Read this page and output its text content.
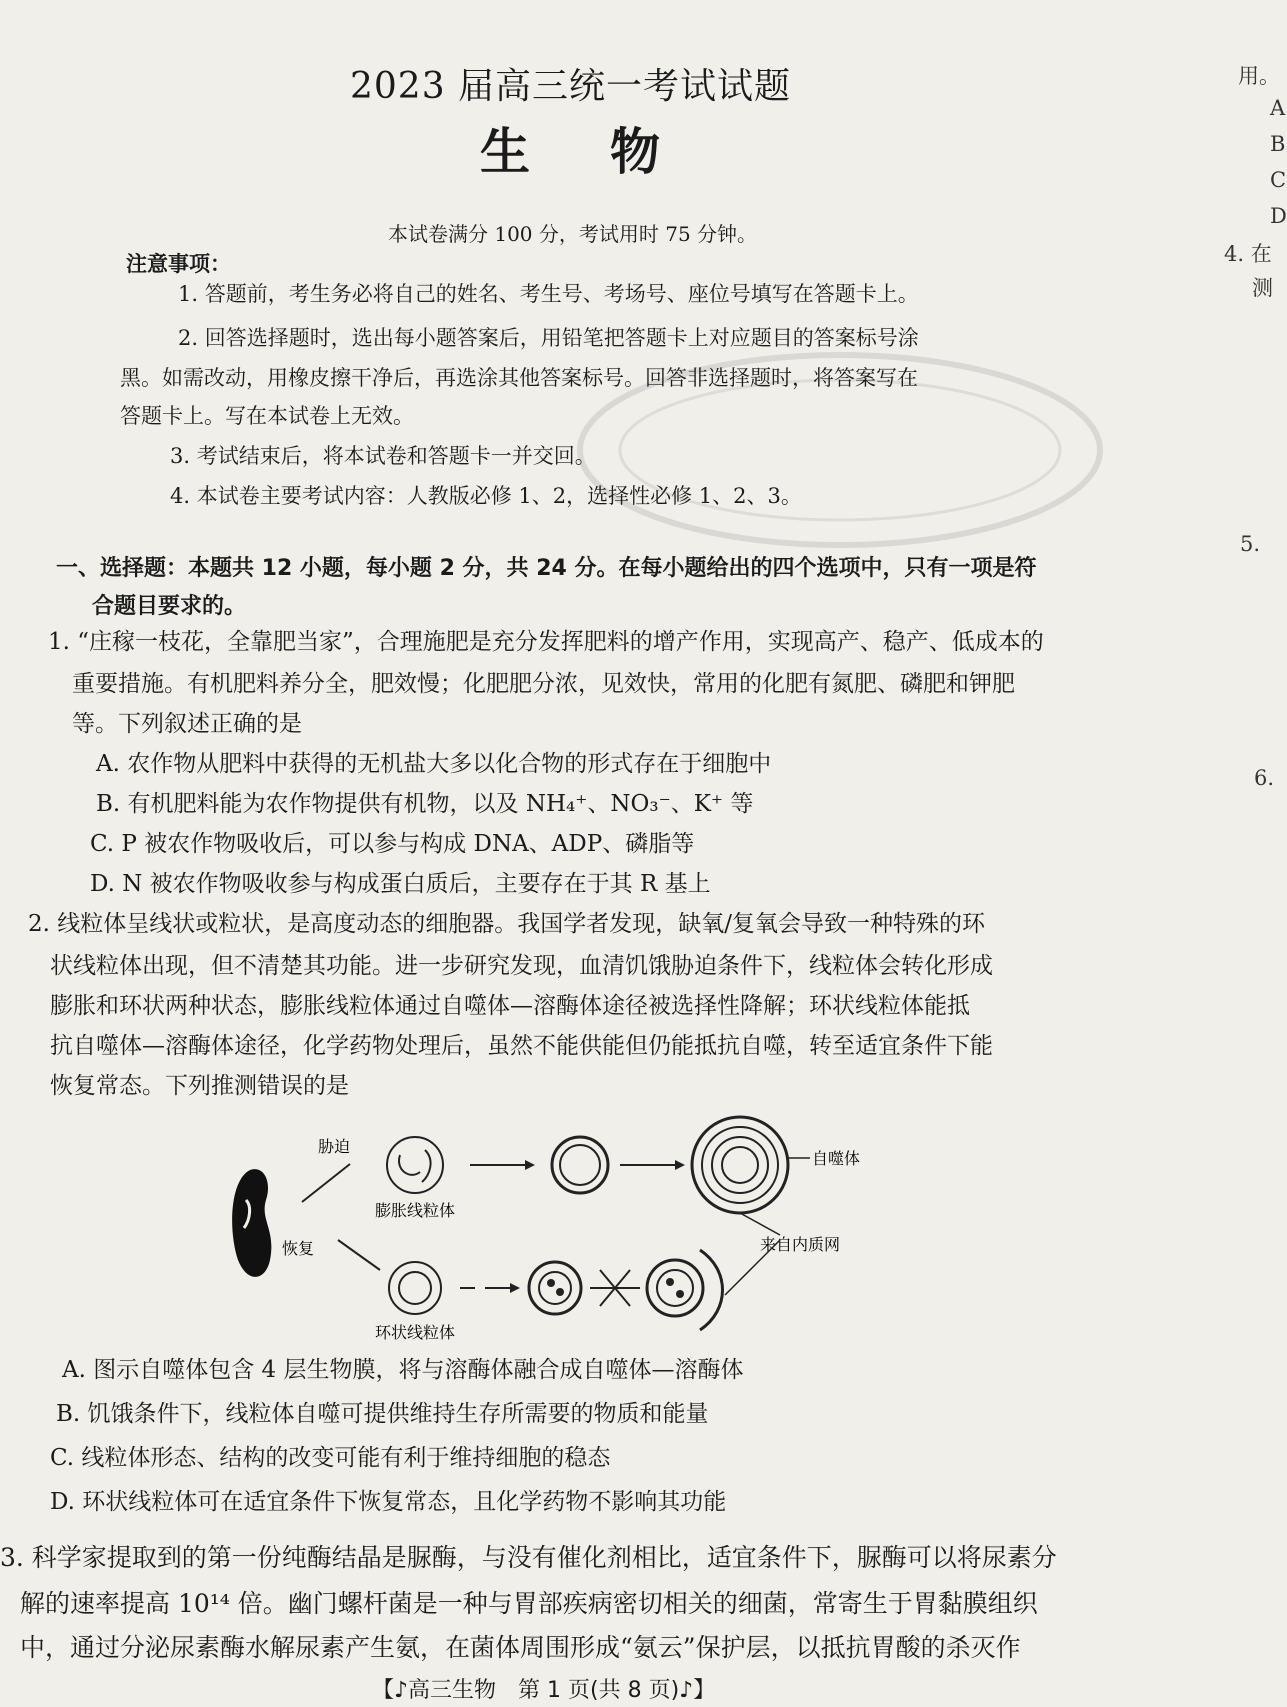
2023 届高三统一考试试题
生物
本试卷满分 100 分，考试用时 75 分钟。
注意事项：
1. 答题前，考生务必将自己的姓名、考生号、考场号、座位号填写在答题卡上。
2. 回答选择题时，选出每小题答案后，用铅笔把答题卡上对应题目的答案标号涂
黑。如需改动，用橡皮擦干净后，再选涂其他答案标号。回答非选择题时，将答案写在
答题卡上。写在本试卷上无效。
3. 考试结束后，将本试卷和答题卡一并交回。
4. 本试卷主要考试内容：人教版必修 1、2，选择性必修 1、2、3。
一、选择题：本题共 12 小题，每小题 2 分，共 24 分。在每小题给出的四个选项中，只有一项是符
合题目要求的。
1. “庄稼一枝花，全靠肥当家”，合理施肥是充分发挥肥料的增产作用，实现高产、稳产、低成本的
重要措施。有机肥料养分全，肥效慢；化肥肥分浓，见效快，常用的化肥有氮肥、磷肥和钾肥
等。下列叙述正确的是
A. 农作物从肥料中获得的无机盐大多以化合物的形式存在于细胞中
B. 有机肥料能为农作物提供有机物，以及 NH₄⁺、NO₃⁻、K⁺ 等
C. P 被农作物吸收后，可以参与构成 DNA、ADP、磷脂等
D. N 被农作物吸收参与构成蛋白质后，主要存在于其 R 基上
2. 线粒体呈线状或粒状，是高度动态的细胞器。我国学者发现，缺氧/复氧会导致一种特殊的环
状线粒体出现，但不清楚其功能。进一步研究发现，血清饥饿胁迫条件下，线粒体会转化形成
膨胀和环状两种状态，膨胀线粒体通过自噬体—溶酶体途径被选择性降解；环状线粒体能抵
抗自噬体—溶酶体途径，化学药物处理后，虽然不能供能但仍能抵抗自噬，转至适宜条件下能
恢复常态。下列推测错误的是
胁迫
恢复
膨胀线粒体
自噬体
来自内质网
环状线粒体
A. 图示自噬体包含 4 层生物膜，将与溶酶体融合成自噬体—溶酶体
B. 饥饿条件下，线粒体自噬可提供维持生存所需要的物质和能量
C. 线粒体形态、结构的改变可能有利于维持细胞的稳态
D. 环状线粒体可在适宜条件下恢复常态，且化学药物不影响其功能
3. 科学家提取到的第一份纯酶结晶是脲酶，与没有催化剂相比，适宜条件下，脲酶可以将尿素分
解的速率提高 10¹⁴ 倍。幽门螺杆菌是一种与胃部疾病密切相关的细菌，常寄生于胃黏膜组织
中，通过分泌尿素酶水解尿素产生氨，在菌体周围形成“氨云”保护层，以抵抗胃酸的杀灭作
【♪高三生物　第 1 页(共 8 页)♪】
用。
A
B
C
D
4. 在
测
5.
6.
